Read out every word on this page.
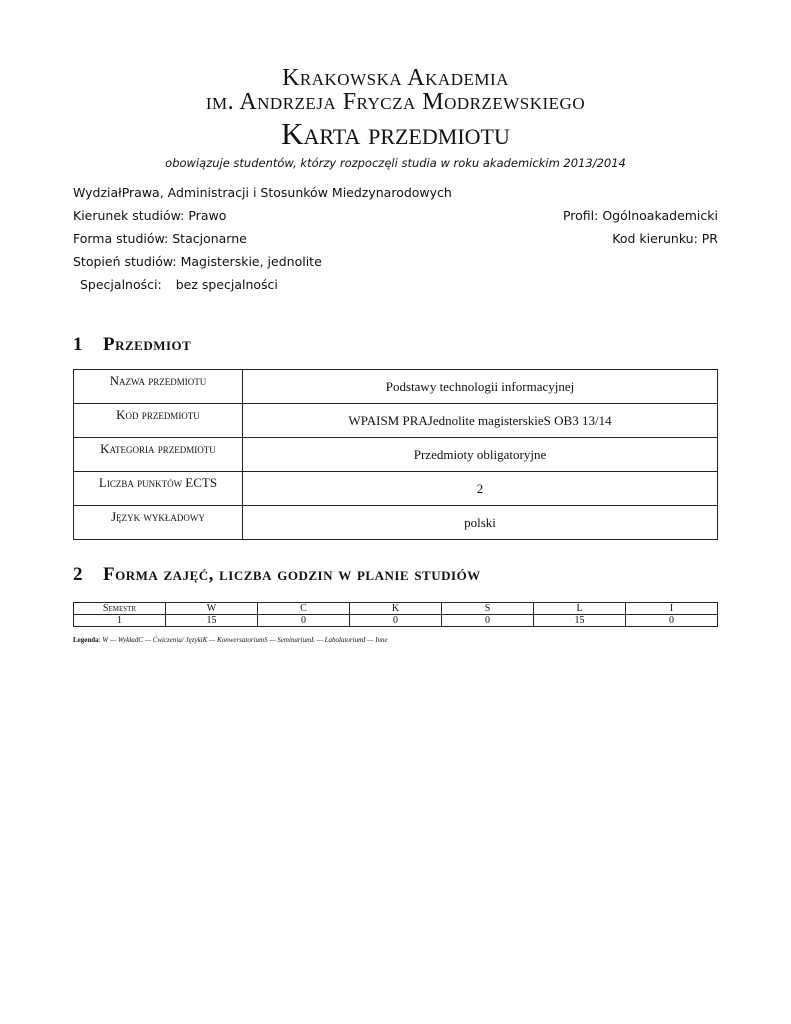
Krakowska Akademia
im. Andrzeja Frycza Modrzewskiego
Karta przedmiotu
obowiązuje studentów, którzy rozpoczęli studia w roku akademickim 2013/2014
WydziałPrawa, Administracji i Stosunków Miedzynarodowych
Kierunek studiów: Prawo	Profil: Ogólnoakademicki
Forma studiów: Stacjonarne	Kod kierunku: PR
Stopień studiów: Magisterskie, jednolite
Specjalności: bez specjalności
1	Przedmiot
Nazwa przedmiotu	Podstawy technologii informacyjnej
Kod przedmiotu	WPAISM PRAJednolite magisterskieS OB3 13/14
Kategoria przedmiotu	Przedmioty obligatoryjne
Liczba punktów ECTS	2
Język wykładowy	polski
2	Forma zajęć, liczba godzin w planie studiów
Semestr	W	C	K	S	L	I
1	15	0	0	0	15	0
Legenda: W — WykładC — Ćwiczenia/ JęzykiK — KonwersatoriumS — SeminariumL — LabolatoriumI — Inne
